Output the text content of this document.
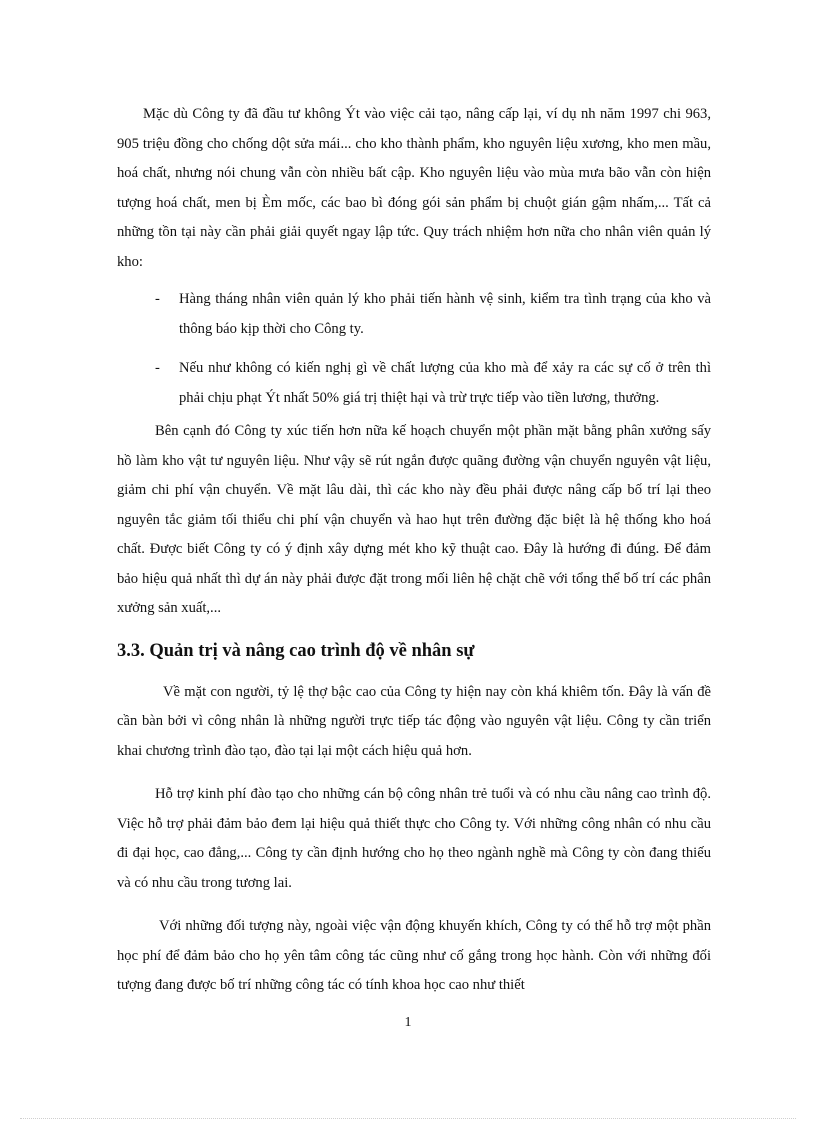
Mặc dù Công ty đã đầu tư không Ýt vào việc cải tạo, nâng cấp lại, ví dụ nh năm 1997 chi 963, 905 triệu đồng cho chống dột sửa mái... cho kho thành phẩm, kho nguyên liệu xương, kho men mầu, hoá chất, nhưng nói chung vẫn còn nhiều bất cập. Kho nguyên liệu vào mùa mưa bão vẫn còn hiện tượng hoá chất, men bị Èm mốc, các bao bì đóng gói sản phẩm bị chuột gián gậm nhấm,... Tất cả những tồn tại này cần phải giải quyết ngay lập tức. Quy trách nhiệm hơn nữa cho nhân viên quản lý kho:

-	Hàng tháng nhân viên quản lý kho phải tiến hành vệ sinh, kiểm tra tình trạng của kho và thông báo kịp thời cho Công ty.
-	Nếu như không có kiến nghị gì về chất lượng của kho mà để xảy ra các sự cố ở trên thì phải chịu phạt Ýt nhất 50% giá trị thiệt hại và trừ trực tiếp vào tiền lương, thưởng.

Bên cạnh đó Công ty xúc tiến hơn nữa kế hoạch chuyển một phần mặt bằng phân xưởng sấy hồ làm kho vật tư nguyên liệu. Như vậy sẽ rút ngắn được quãng đường vận chuyển nguyên vật liệu, giảm chi phí vận chuyển. Về mặt lâu dài, thì các kho này đều phải được nâng cấp bố trí lại theo nguyên tắc giảm tối thiểu chi phí vận chuyển và hao hụt trên đường đặc biệt là hệ thống kho hoá chất. Được biết Công ty có ý định xây dựng mét kho kỹ thuật cao. Đây là hướng đi đúng. Để đảm bảo hiệu quả nhất thì dự án này phải được đặt trong mối liên hệ chặt chẽ với tổng thể bố trí các phân xưởng sản xuất,...

3.3. Quản trị và nâng cao trình độ về nhân sự

Về mặt con người, tỷ lệ thợ bậc cao của Công ty hiện nay còn khá khiêm tốn. Đây là vấn đề cần bàn bởi vì công nhân là những người trực tiếp tác động vào nguyên vật liệu. Công ty cần triển khai chương trình đào tạo, đào tại lại một cách hiệu quả hơn.

Hỗ trợ kinh phí đào tạo cho những cán bộ công nhân trẻ tuổi và có nhu cầu nâng cao trình độ. Việc hỗ trợ phải đảm bảo đem lại hiệu quả thiết thực cho Công ty. Với những công nhân có nhu cầu đi đại học, cao đẳng,... Công ty cần định hướng cho họ theo ngành nghề mà Công ty còn đang thiếu và có nhu cầu trong tương lai.

Với những đối tượng này, ngoài việc vận động khuyến khích, Công ty có thể hỗ trợ một phần học phí để đảm bảo cho họ yên tâm công tác cũng như cố gắng trong học hành. Còn với những đối tượng đang được bố trí những công tác có tính khoa học cao như thiết

1
